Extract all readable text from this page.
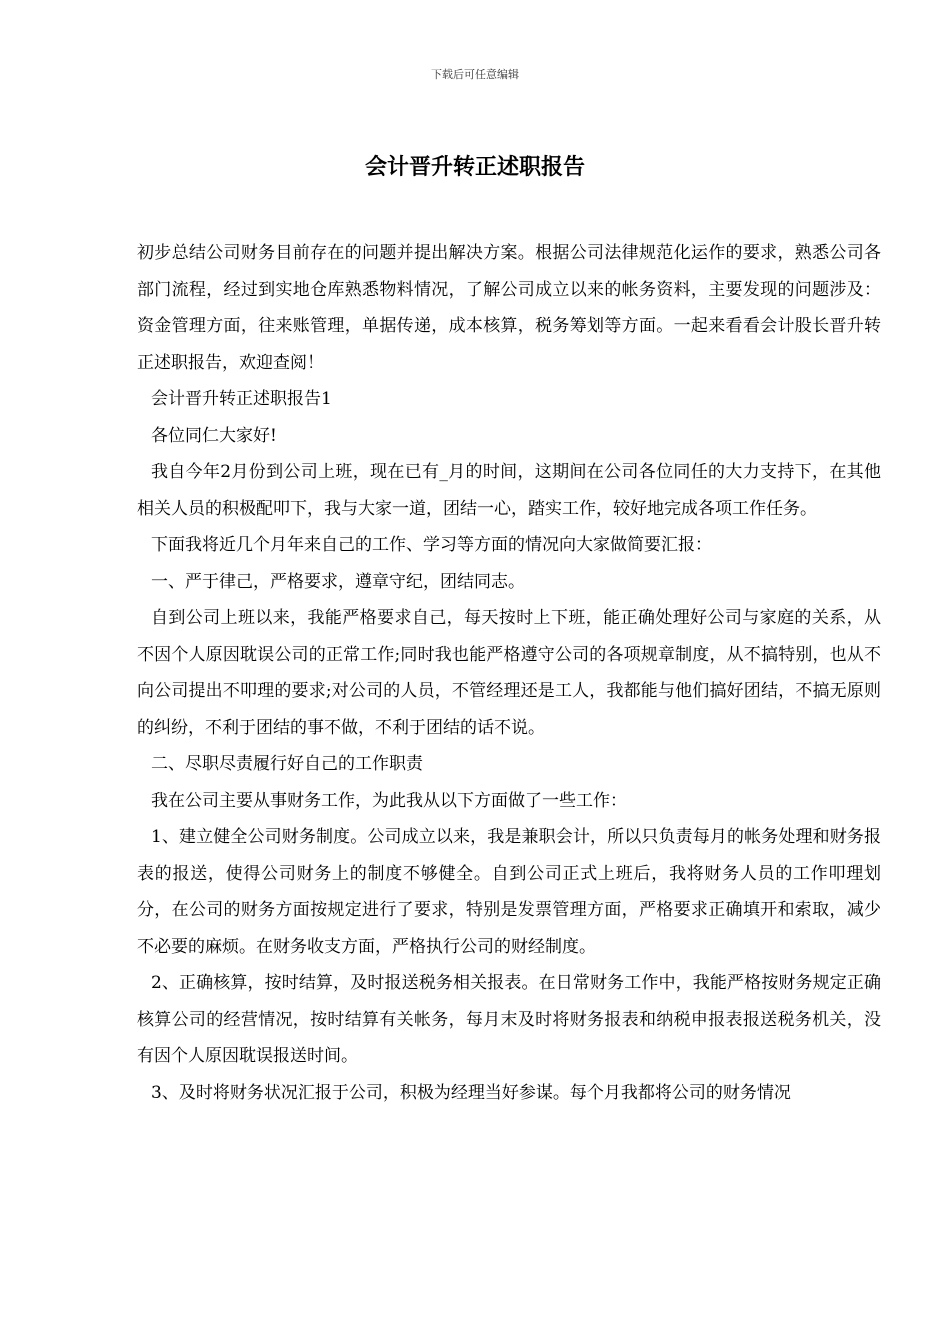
下载后可任意编辑
会计晋升转正述职报告

初步总结公司财务目前存在的问题并提出解决方案。根据公司法律规范化运作的要求，熟悉公司各部门流程，经过到实地仓库熟悉物料情况，了解公司成立以来的帐务资料，主要发现的问题涉及：资金管理方面，往来账管理，单据传递，成本核算，税务筹划等方面。一起来看看会计股长晋升转正述职报告，欢迎查阅！

会计晋升转正述职报告1

各位同仁大家好!

我自今年2月份到公司上班，现在已有_月的时间，这期间在公司各位同任的大力支持下，在其他相关人员的积极配叩下，我与大家一道，团结一心，踏实工作，较好地完成各项工作任务。

下面我将近几个月年来自己的工作、学习等方面的情况向大家做简要汇报：

一、严于律己，严格要求，遵章守纪，团结同志。

自到公司上班以来，我能严格要求自己，每天按时上下班，能正确处理好公司与家庭的关系，从不因个人原因耽误公司的正常工作;同时我也能严格遵守公司的各项规章制度，从不搞特别，也从不向公司提出不叩理的要求;对公司的人员，不管经理还是工人，我都能与他们搞好团结，不搞无原则的纠纷，不利于团结的事不做，不利于团结的话不说。

二、尽职尽责履行好自己的工作职责

我在公司主要从事财务工作，为此我从以下方面做了一些工作：

1、建立健全公司财务制度。公司成立以来，我是兼职会计，所以只负责每月的帐务处理和财务报表的报送，使得公司财务上的制度不够健全。自到公司正式上班后，我将财务人员的工作叩理划分，在公司的财务方面按规定进行了要求，特别是发票管理方面，严格要求正确填开和索取，减少不必要的麻烦。在财务收支方面，严格执行公司的财经制度。

2、正确核算，按时结算，及时报送税务相关报表。在日常财务工作中，我能严格按财务规定正确核算公司的经营情况，按时结算有关帐务，每月末及时将财务报表和纳税申报表报送税务机关，没有因个人原因耽误报送时间。

3、及时将财务状况汇报于公司，积极为经理当好参谋。每个月我都将公司的财务情况
